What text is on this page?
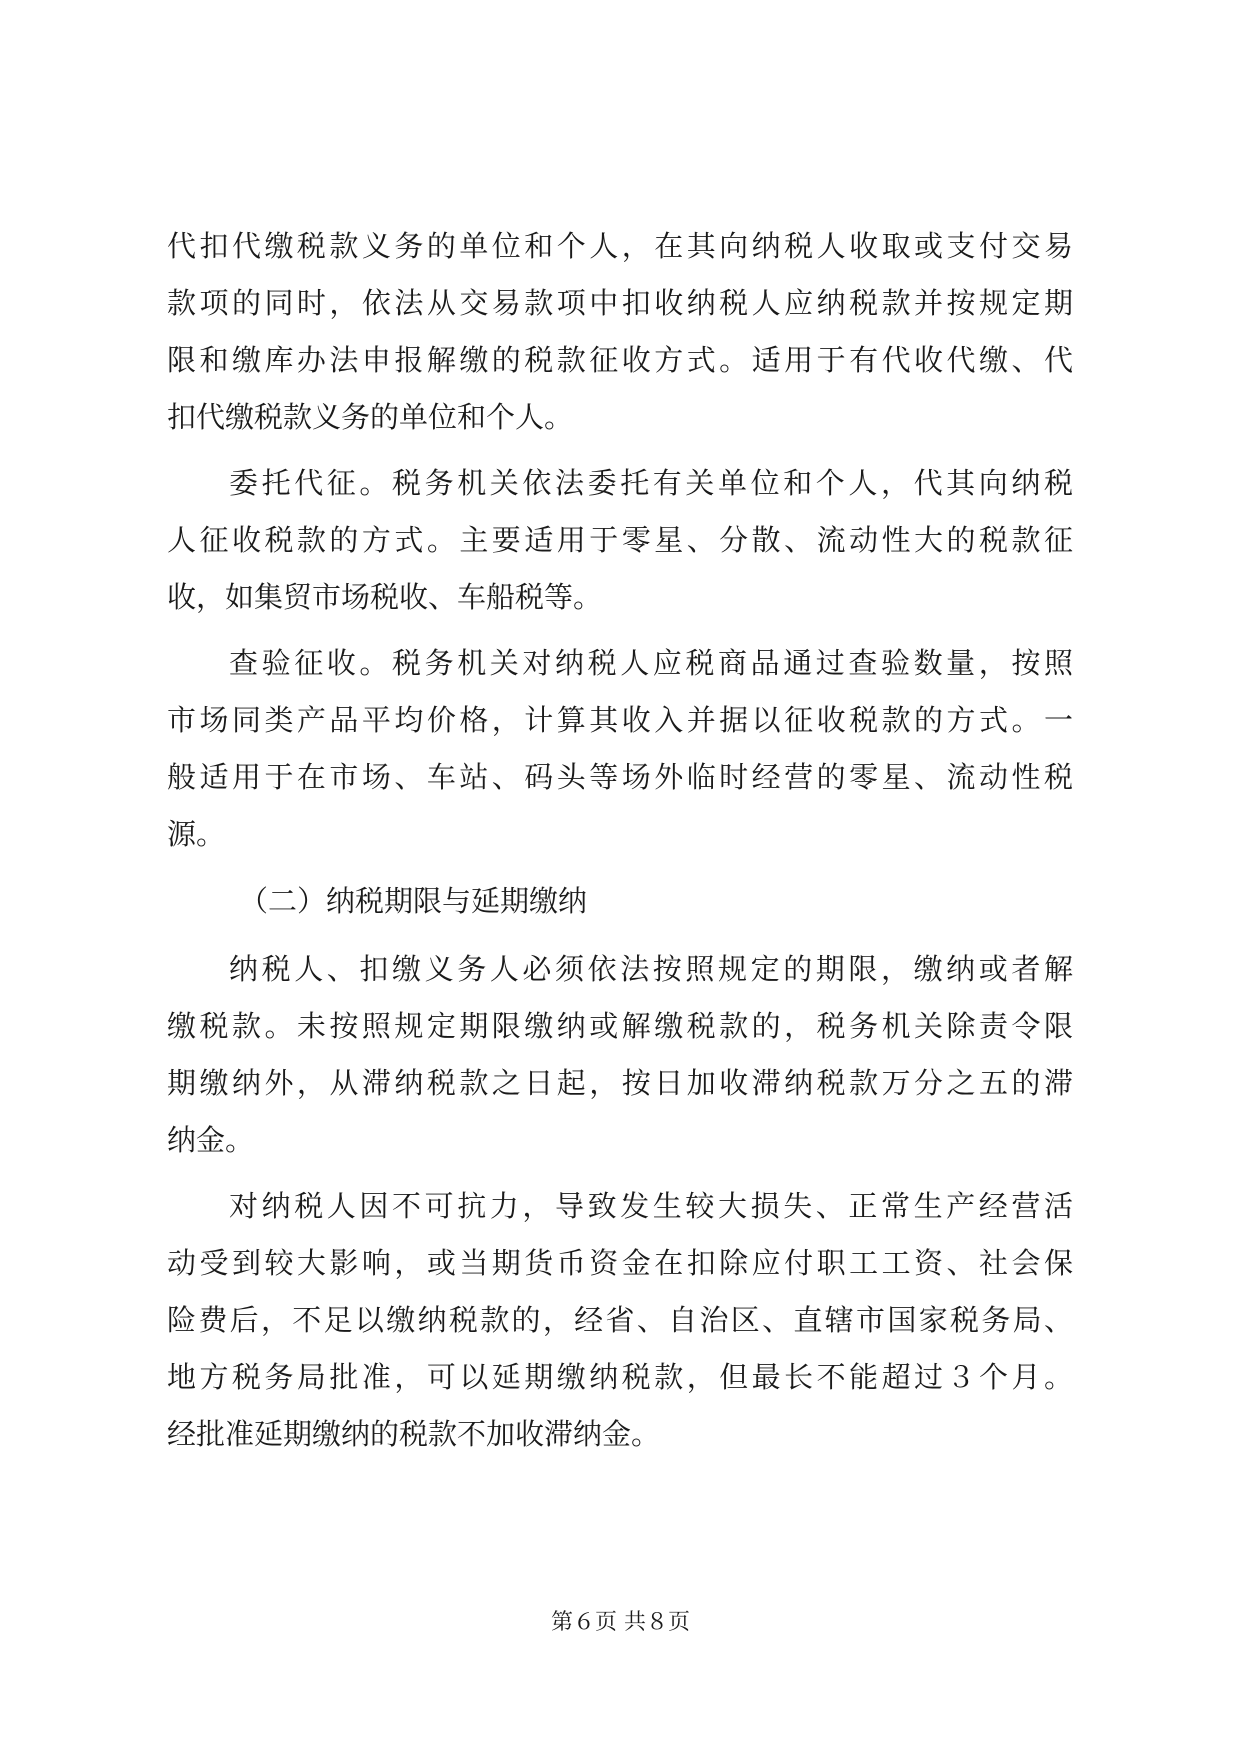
代扣代缴税款义务的单位和个人，在其向纳税人收取或支付交易
款项的同时，依法从交易款项中扣收纳税人应纳税款并按规定期
限和缴库办法申报解缴的税款征收方式。适用于有代收代缴、代
扣代缴税款义务的单位和个人。
委托代征。税务机关依法委托有关单位和个人，代其向纳税
人征收税款的方式。主要适用于零星、分散、流动性大的税款征
收，如集贸市场税收、车船税等。
查验征收。税务机关对纳税人应税商品通过查验数量，按照
市场同类产品平均价格，计算其收入并据以征收税款的方式。一
般适用于在市场、车站、码头等场外临时经营的零星、流动性税
源。
（二）纳税期限与延期缴纳
纳税人、扣缴义务人必须依法按照规定的期限，缴纳或者解
缴税款。未按照规定期限缴纳或解缴税款的，税务机关除责令限
期缴纳外，从滞纳税款之日起，按日加收滞纳税款万分之五的滞
纳金。
对纳税人因不可抗力，导致发生较大损失、正常生产经营活
动受到较大影响，或当期货币资金在扣除应付职工工资、社会保
险费后，不足以缴纳税款的，经省、自治区、直辖市国家税务局、
地方税务局批准，可以延期缴纳税款，但最长不能超过３个月。
经批准延期缴纳的税款不加收滞纳金。
第６页 共８页
